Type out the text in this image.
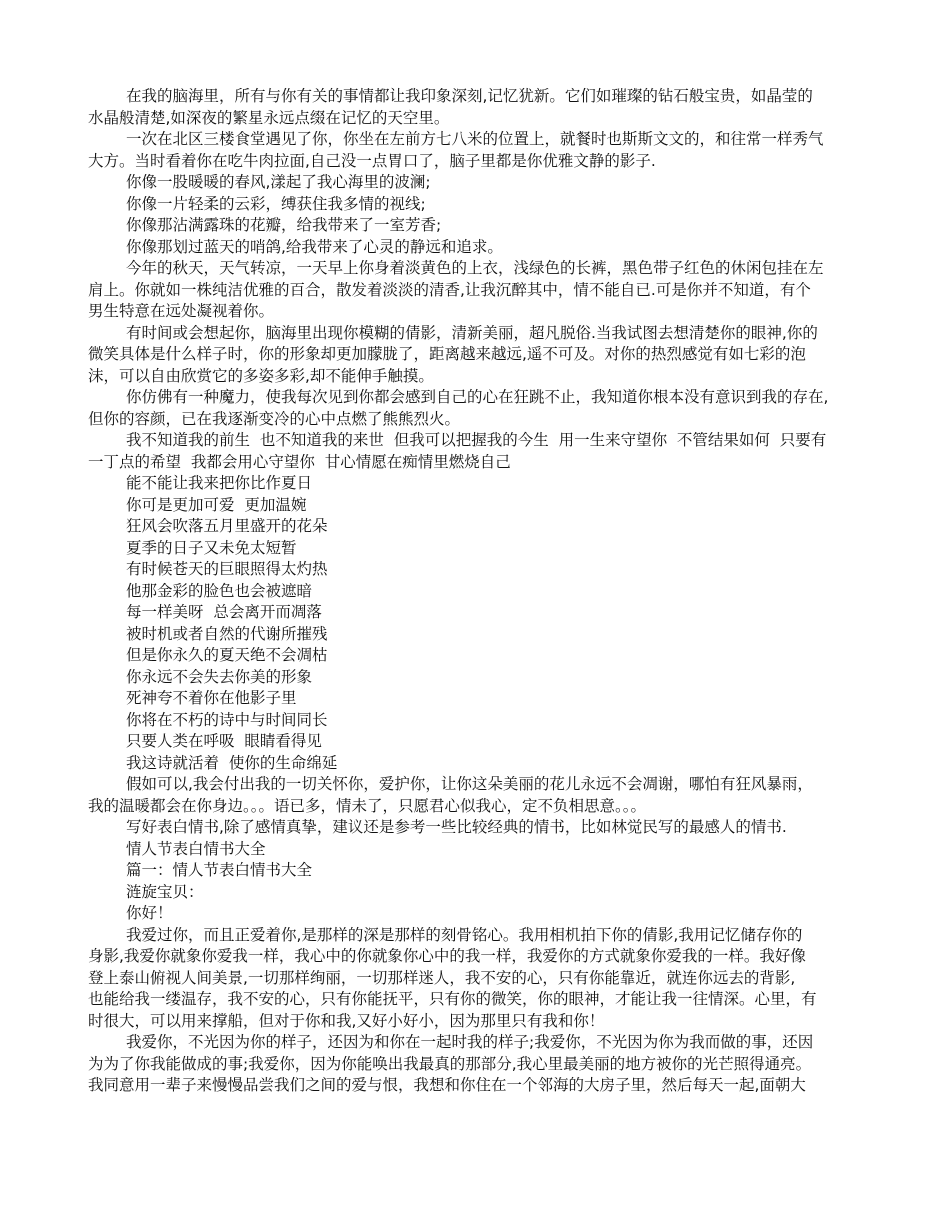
在我的脑海里，所有与你有关的事情都让我印象深刻,记忆犹新。它们如璀璨的钻石般宝贵，如晶莹的
水晶般清楚,如深夜的繁星永远点缀在记忆的天空里。
一次在北区三楼食堂遇见了你，你坐在左前方七八米的位置上，就餐时也斯斯文文的，和往常一样秀气
大方。当时看着你在吃牛肉拉面,自己没一点胃口了，脑子里都是你优雅文静的影子.
你像一股暖暖的春风,漾起了我心海里的波澜;
你像一片轻柔的云彩，缚获住我多情的视线;
你像那沾满露珠的花瓣，给我带来了一室芳香;
你像那划过蓝天的哨鸽,给我带来了心灵的静远和追求。
今年的秋天，天气转凉，一天早上你身着淡黄色的上衣，浅绿色的长裤，黑色带子红色的休闲包挂在左
肩上。你就如一株纯洁优雅的百合，散发着淡淡的清香,让我沉醉其中，情不能自已.可是你并不知道，有个
男生特意在远处凝视着你。
有时间或会想起你，脑海里出现你模糊的倩影，清新美丽，超凡脱俗.当我试图去想清楚你的眼神,你的
微笑具体是什么样子时，你的形象却更加朦胧了，距离越来越远,遥不可及。对你的热烈感觉有如七彩的泡
沫，可以自由欣赏它的多姿多彩,却不能伸手触摸。
你仿佛有一种魔力，使我每次见到你都会感到自己的心在狂跳不止，我知道你根本没有意识到我的存在,
但你的容颜，已在我逐渐变冷的心中点燃了熊熊烈火。
我不知道我的前生  也不知道我的来世  但我可以把握我的今生  用一生来守望你  不管结果如何  只要有
一丁点的希望  我都会用心守望你  甘心情愿在痴情里燃烧自己
能不能让我来把你比作夏日
你可是更加可爱  更加温婉
狂风会吹落五月里盛开的花朵
夏季的日子又未免太短暂
有时候苍天的巨眼照得太灼热
他那金彩的脸色也会被遮暗
每一样美呀  总会离开而凋落
被时机或者自然的代谢所摧残
但是你永久的夏天绝不会凋枯
你永远不会失去你美的形象
死神夸不着你在他影子里
你将在不朽的诗中与时间同长
只要人类在呼吸  眼睛看得见
我这诗就活着  使你的生命绵延
假如可以,我会付出我的一切关怀你，爱护你，让你这朵美丽的花儿永远不会凋谢，哪怕有狂风暴雨，
我的温暖都会在你身边。。。语已多，情未了，只愿君心似我心，定不负相思意。。。
写好表白情书,除了感情真挚，建议还是参考一些比较经典的情书，比如林觉民写的最感人的情书.
情人节表白情书大全
篇一：情人节表白情书大全
涟旋宝贝：
你好！
我爱过你，而且正爱着你,是那样的深是那样的刻骨铭心。我用相机拍下你的倩影,我用记忆储存你的
身影,我爱你就象你爱我一样，我心中的你就象你心中的我一样，我爱你的方式就象你爱我的一样。我好像
登上泰山俯视人间美景,一切那样绚丽，一切那样迷人，我不安的心，只有你能靠近，就连你远去的背影,
也能给我一缕温存，我不安的心，只有你能抚平，只有你的微笑，你的眼神，才能让我一往情深。心里，有
时很大，可以用来撑船，但对于你和我,又好小好小，因为那里只有我和你！
我爱你，不光因为你的样子，还因为和你在一起时我的样子;我爱你，不光因为你为我而做的事，还因
为为了你我能做成的事;我爱你，因为你能唤出我最真的那部分,我心里最美丽的地方被你的光芒照得通亮。
我同意用一辈子来慢慢品尝我们之间的爱与恨，我想和你住在一个邻海的大房子里，然后每天一起,面朝大
